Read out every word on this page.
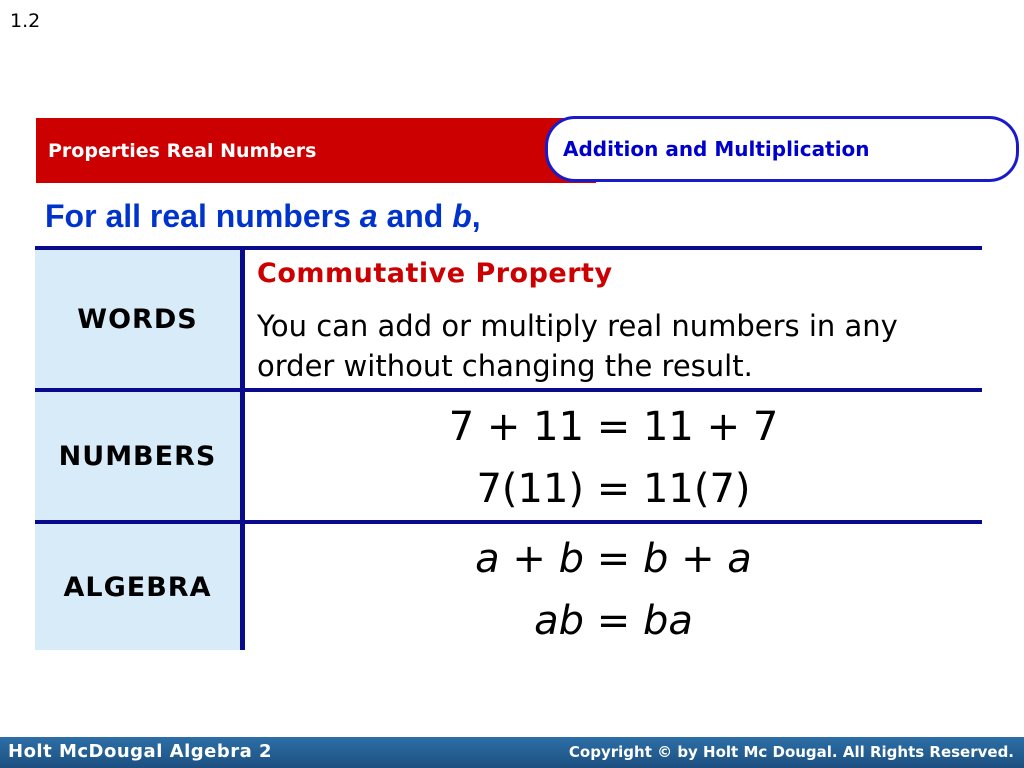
1.2
Properties Real Numbers	Addition and Multiplication
For all real numbers a and b,
WORDS
Commutative Property
You can add or multiply real numbers in any order without changing the result.
NUMBERS
7 + 11 = 11 + 7
7(11) = 11(7)
ALGEBRA
a + b = b + a
ab = ba
Holt McDougal Algebra 2	Copyright © by Holt Mc Dougal. All Rights Reserved.
